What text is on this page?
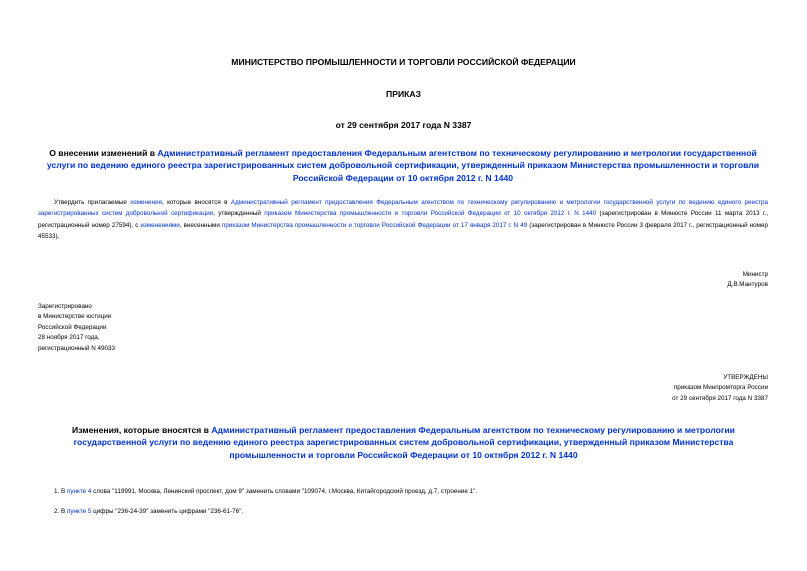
МИНИСТЕРСТВО ПРОМЫШЛЕННОСТИ И ТОРГОВЛИ РОССИЙСКОЙ ФЕДЕРАЦИИ
ПРИКАЗ
от 29 сентября 2017 года N 3387
О внесении изменений в Административный регламент предоставления Федеральным агентством по техническому регулированию и метрологии государственной услуги по ведению единого реестра зарегистрированных систем добровольной сертификации, утвержденный приказом Министерства промышленности и торговли Российской Федерации от 10 октября 2012 г. N 1440
Утвердить прилагаемые изменения, которые вносятся в Административный регламент предоставления Федеральным агентством по техническому регулированию и метрологии государственной услуги по ведению единого реестра зарегистрированных систем добровольной сертификации, утвержденный приказом Министерства промышленности и торговли Российской Федерации от 10 октября 2012 г. N 1440 (зарегистрирован в Минюсте России 11 марта 2013 г., регистрационный номер 27594), с изменениями, внесенными приказом Министерства промышленности и торговли Российской Федерации от 17 января 2017 г. N 49 (зарегистрирован в Минюсте России 3 февраля 2017 г., регистрационный номер 45533).
Министр
Д.В.Мантуров
Зарегистрировано
в Министерстве юстиции
Российской Федерации
28 ноября 2017 года,
регистрационный N 49033
УТВЕРЖДЕНЫ
приказом Минпромторга России
от 29 сентября 2017 года N 3387
Изменения, которые вносятся в Административный регламент предоставления Федеральным агентством по техническому регулированию и метрологии государственной услуги по ведению единого реестра зарегистрированных систем добровольной сертификации, утвержденный приказом Министерства промышленности и торговли Российской Федерации от 10 октября 2012 г. N 1440
1. В пункте 4 слова "119991, Москва, Ленинский проспект, дом 9" заменить словами "109074, г.Москва, Китайгородский проезд, д.7, строение 1".
2. В пункте 5 цифры "236-24-39" заменить цифрами "236-61-76".
